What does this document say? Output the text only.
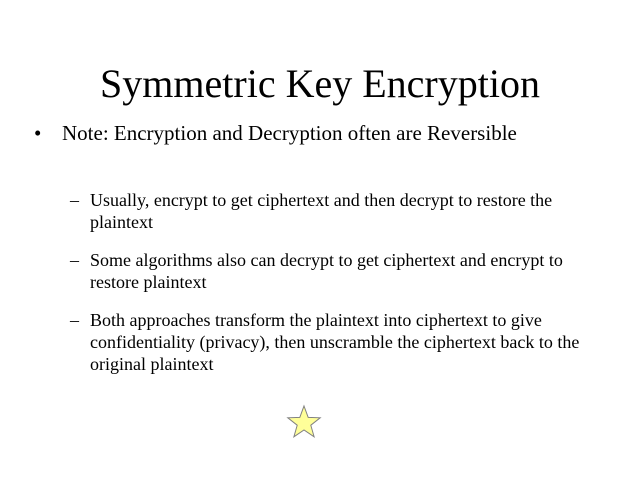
Symmetric Key Encryption
• Note: Encryption and Decryption often are Reversible
– Usually, encrypt to get ciphertext and then decrypt to restore the plaintext
– Some algorithms also can decrypt to get ciphertext and encrypt to restore plaintext
– Both approaches transform the plaintext into ciphertext to give confidentiality (privacy), then unscramble the ciphertext back to the original plaintext
